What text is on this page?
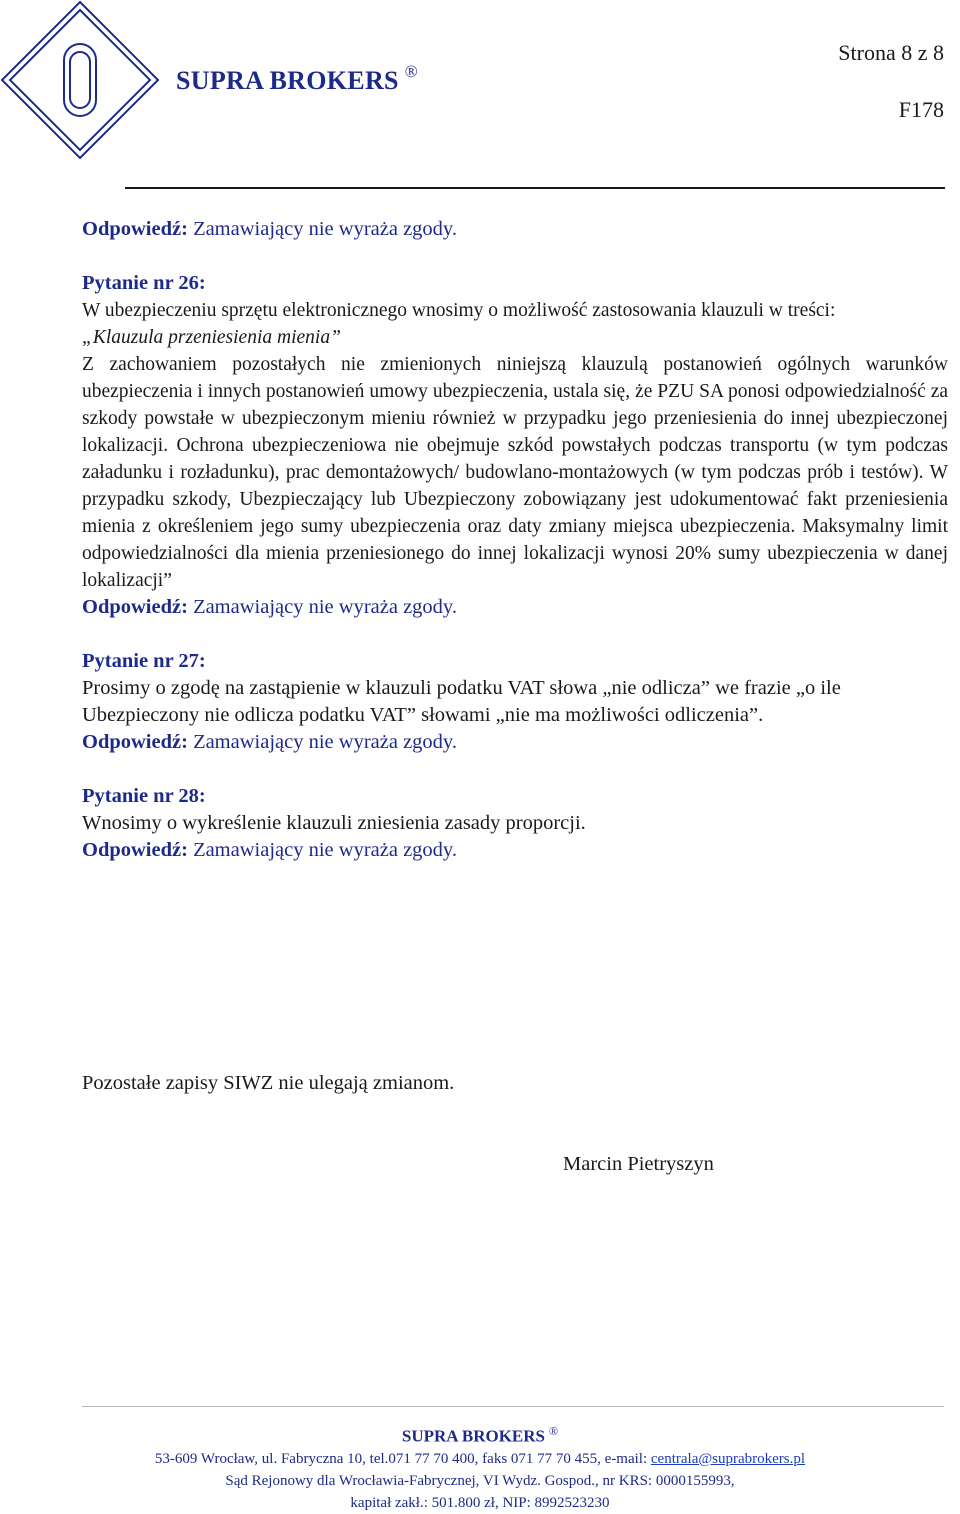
SUPRA BROKERS ®
Strona 8 z 8
F178

Odpowiedź: Zamawiający nie wyraża zgody.

Pytanie nr 26:

W ubezpieczeniu sprzętu elektronicznego wnosimy o możliwość zastosowania klauzuli w treści:

„Klauzula przeniesienia mienia”

Z zachowaniem pozostałych nie zmienionych niniejszą klauzulą postanowień ogólnych warunków ubezpieczenia i innych postanowień umowy ubezpieczenia, ustala się, że PZU SA ponosi odpowiedzialność za szkody powstałe w ubezpieczonym mieniu również w przypadku jego przeniesienia do innej ubezpieczonej lokalizacji. Ochrona ubezpieczeniowa nie obejmuje szkód powstałych podczas transportu (w tym podczas załadunku i rozładunku), prac demontażowych/ budowlano-montażowych (w tym podczas prób i testów). W przypadku szkody, Ubezpieczający lub Ubezpieczony zobowiązany jest udokumentować fakt przeniesienia mienia z określeniem jego sumy ubezpieczenia oraz daty zmiany miejsca ubezpieczenia. Maksymalny limit odpowiedzialności dla mienia przeniesionego do innej lokalizacji wynosi 20% sumy ubezpieczenia w danej lokalizacji”

Odpowiedź: Zamawiający nie wyraża zgody.

Pytanie nr 27:

Prosimy o zgodę na zastąpienie w klauzuli podatku VAT słowa „nie odlicza” we frazie „o ile Ubezpieczony nie odlicza podatku VAT” słowami „nie ma możliwości odliczenia”.

Odpowiedź: Zamawiający nie wyraża zgody.

Pytanie nr 28:

Wnosimy o wykreślenie klauzuli zniesienia zasady proporcji.

Odpowiedź: Zamawiający nie wyraża zgody.

Pozostałe zapisy SIWZ nie ulegają zmianom.
Marcin Pietryszyn
SUPRA BROKERS ®
53-609 Wrocław, ul. Fabryczna 10, tel.071 77 70 400, faks 071 77 70 455, e-mail: centrala@suprabrokers.pl
Sąd Rejonowy dla Wrocławia-Fabrycznej, VI Wydz. Gospod., nr KRS: 0000155993,
kapitał zakł.: 501.800 zł, NIP: 8992523230
